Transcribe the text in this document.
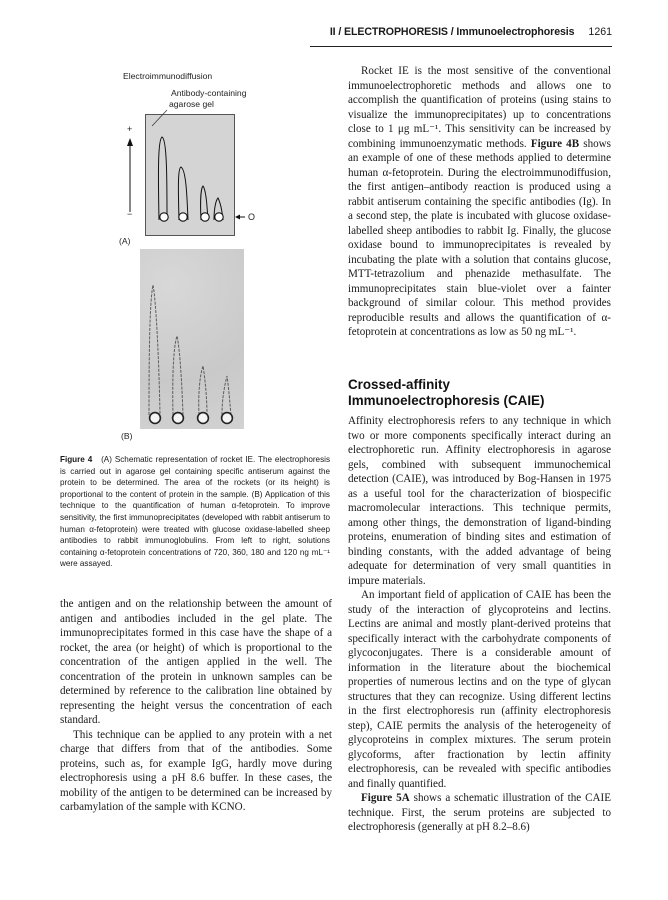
II / ELECTROPHORESIS / Immunoelectrophoresis 1261
Electroimmunodiffusion
Antibody-containing
agarose gel
+
−	O
(A)
(B)
Figure 4 (A) Schematic representation of rocket IE. The electrophoresis is carried out in agarose gel containing specific antiserum against the protein to be determined. The area of the rockets (or its height) is proportional to the content of protein in the sample. (B) Application of this technique to the quantification of human α-fetoprotein. To improve sensitivity, the first immunoprecipitates (developed with rabbit antiserum to human α-fetoprotein) were treated with glucose oxidase-labelled sheep antibodies to rabbit immunoglobulins. From left to right, solutions containing α-fetoprotein concentrations of 720, 360, 180 and 120 ng mL⁻¹ were assayed.

the antigen and on the relationship between the amount of antigen and antibodies included in the gel plate. The immunoprecipitates formed in this case have the shape of a rocket, the area (or height) of which is proportional to the concentration of the antigen applied in the well. The concentration of the protein in unknown samples can be determined by reference to the calibration line obtained by representing the height versus the concentration of each standard.

This technique can be applied to any protein with a net charge that differs from that of the antibodies. Some proteins, such as, for example IgG, hardly move during electrophoresis using a pH 8.6 buffer. In these cases, the mobility of the antigen to be determined can be increased by carbamylation of the sample with KCNO.

Rocket IE is the most sensitive of the conventional immunoelectrophoretic methods and allows one to accomplish the quantification of proteins (using stains to visualize the immunoprecipitates) up to concentrations close to 1 μg mL⁻¹. This sensitivity can be increased by combining immunoenzymatic methods. Figure 4B shows an example of one of these methods applied to determine human α-fetoprotein. During the electroimmunodiffusion, the first antigen–antibody reaction is produced using a rabbit antiserum containing the specific antibodies (Ig). In a second step, the plate is incubated with glucose oxidase-labelled sheep antibodies to rabbit Ig. Finally, the glucose oxidase bound to immunoprecipitates is revealed by incubating the plate with a solution that contains glucose, MTT-tetrazolium and phenazide methasulfate. The immunoprecipitates stain blue-violet over a fainter background of similar colour. This method provides reproducible results and allows the quantification of α-fetoprotein at concentrations as low as 50 ng mL⁻¹.

Crossed-affinity
Immunoelectrophoresis (CAIE)

Affinity electrophoresis refers to any technique in which two or more components specifically interact during an electrophoretic run. Affinity electrophoresis in agarose gels, combined with subsequent immunochemical detection (CAIE), was introduced by Bog-Hansen in 1975 as a useful tool for the characterization of biospecific macromolecular interactions. This technique permits, among other things, the demonstration of ligand-binding proteins, enumeration of binding sites and estimation of binding constants, with the added advantage of being adequate for determination of very small quantities in impure materials.

An important field of application of CAIE has been the study of the interaction of glycoproteins and lectins. Lectins are animal and mostly plant-derived proteins that specifically interact with the carbohydrate components of glycoconjugates. There is a considerable amount of information in the literature about the biochemical properties of numerous lectins and on the type of glycan structures that they can recognize. Using different lectins in the first electrophoresis run (affinity electrophoresis step), CAIE permits the analysis of the heterogeneity of glycoproteins in complex mixtures. The serum protein glycoforms, after fractionation by lectin affinity electrophoresis, can be revealed with specific antibodies and finally quantified.

Figure 5A shows a schematic illustration of the CAIE technique. First, the serum proteins are subjected to electrophoresis (generally at pH 8.2–8.6)
